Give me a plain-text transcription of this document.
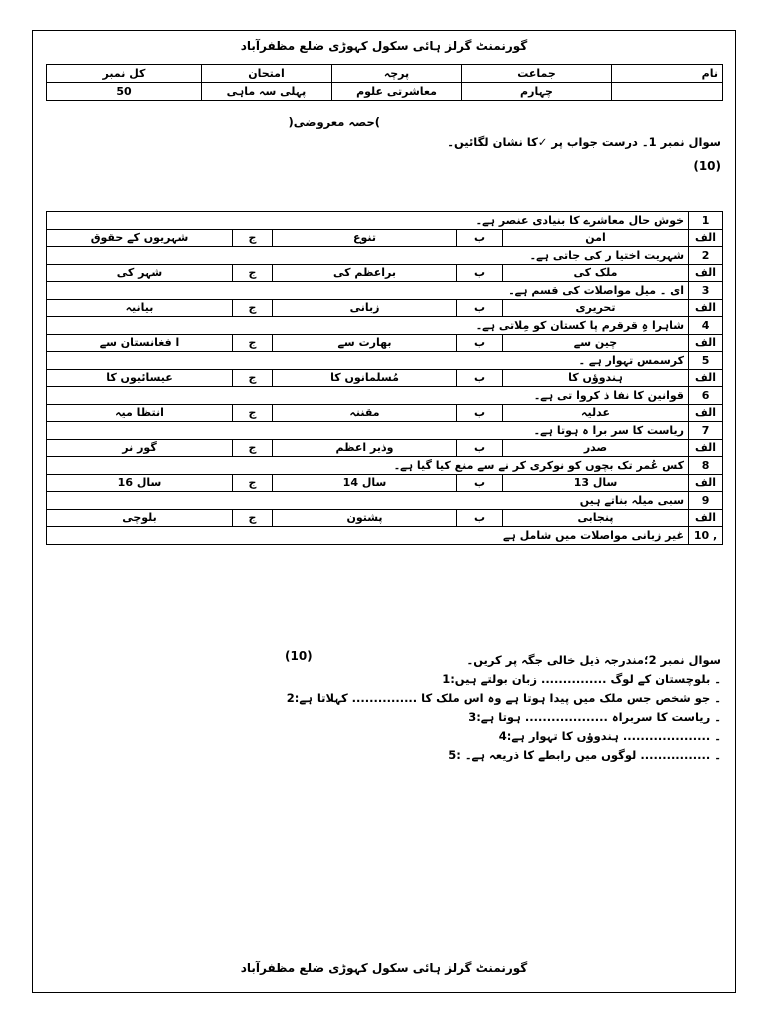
گورنمنٹ گرلز ہائی سکول کہوڑی ضلع مظفرآباد
کل نمبر	امتحان	پرچہ	جماعت	نام
50	پہلی سہ ماہی	معاشرتی علوم	چہارم	
)حصہ معروضی(
سوال نمبر 1۔ درست جواب پر ✓کا نشان لگائیں۔
(10)
خوش حال معاشرے کا بنیادی عنصر ہے۔					1
شہریوں کے حقوق	ج	تنوع	ب	امن	الف
شہریت اختیا ر کی جاتی ہے۔					2
شہر کی	ج	براعظم کی	ب	ملک کی	الف
ای ۔ میل مواصلات کی قسم ہے۔					3
بیانیہ	ج	زبانی	ب	تحریری	الف
شاہرا ہِ قرقرم پا کستان کو مِلاتی ہے۔					4
ا فغانستان سے	ج	بھارت سے	ب	چین سے	الف
کرسمس تہوار ہے ۔					5
عیسائیوں کا	ج	مُسلمانوں کا	ب	ہندوؤں کا	الف
قوانین کا نفا ذ کروا تی ہے۔					6
انتظا میہ	ج	مقننہ	ب	عدلیہ	الف
ریاست کا سر برا ہ ہوتا ہے۔					7
گور نر	ج	وذیر اعظم	ب	صدر	الف
کس عُمر تک بچوں کو نوکری کر نے سے منع کیا گیا ہے۔					8
سال 16	ج	سال 14	ب	سال 13	الف
سبی میلہ بناتے ہیں					9
بلوچی	ج	پشتون	ب	پنجابی	الف
غیر زبانی مواصلات میں شامل ہے					10 ,
سوال نمبر 2؛مندرجہ ذیل خالی جگہ پر کریں۔
(10)
۔ بلوچستان کے لوگ ............... زبان بولتے ہیں:1
۔ جو شخص جس ملک میں پیدا ہوتا ہے وہ اس ملک کا ............... کہلاتا ہے:2
۔ ریاست کا سربراہ ................... ہوتا ہے:3
۔ .................... ہندوؤں کا تہوار ہے:4
۔ ................ لوگوں میں رابطے کا ذریعہ ہے۔ :5
گورنمنٹ گرلز ہائی سکول کہوڑی ضلع مظفرآباد
